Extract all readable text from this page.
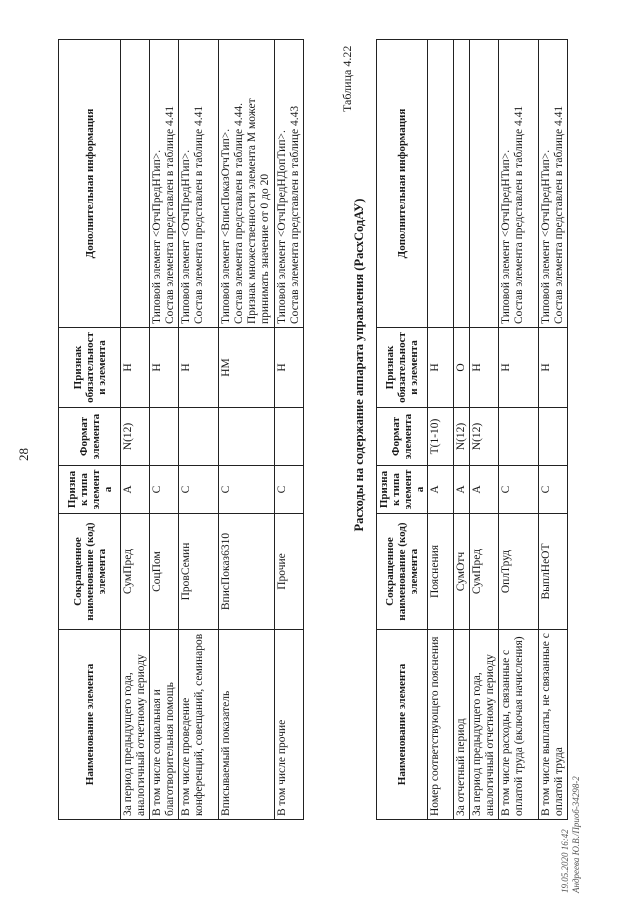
28
Наименование элемента	Сокращенное наименование (код) элемента	Признак типа элемента	Формат элемента	Признак обязательности элемента	Дополнительная информация
За период предыдущего года, аналогичный отчетному периоду	СумПред	А	N(12)	Н	
В том числе социальная и благотворительная помощь	СоцПом	С		Н	Типовой элемент <ОтчПредНТип>.
Состав элемента представлен в таблице 4.41
В том числе проведение конференций, совещаний, семинаров	ПровСемин	С		Н	Типовой элемент <ОтчПредНТип>.
Состав элемента представлен в таблице 4.41
Вписываемый показатель	ВписПоказ6310	С		НМ	Типовой элемент <ВписПоказОтчТип>.
Состав элемента представлен в таблице 4.44.
Признак множественности элемента М может принимать значение от 0 до 20
В том числе прочие	Прочие	С		Н	Типовой элемент <ОтчПредНДопТип>.
Состав элемента представлен в таблице 4.43
Таблица 4.22
Расходы на содержание аппарата управления (РасхСодАУ)
Наименование элемента	Сокращенное наименование (код) элемента	Признак типа элемента	Формат элемента	Признак обязательности элемента	Дополнительная информация
Номер соответствующего пояснения	Пояснения	А	T(1-10)	Н	
За отчетный период	СумОтч	А	N(12)	О	
За период предыдущего года, аналогичный отчетному периоду	СумПред	А	N(12)	Н	
В том числе расходы, связанные с оплатой труда (включая начисления)	ОплТруд	С		Н	Типовой элемент <ОтчПредНТип>.
Состав элемента представлен в таблице 4.41
В том числе выплаты, не связанные с оплатой труда	ВыплНеОТ	С		Н	Типовой элемент <ОтчПредНТип>.
Состав элемента представлен в таблице 4.41
19.05.2020 16:42 Андреева Ю.В./Приоб-34298-2
